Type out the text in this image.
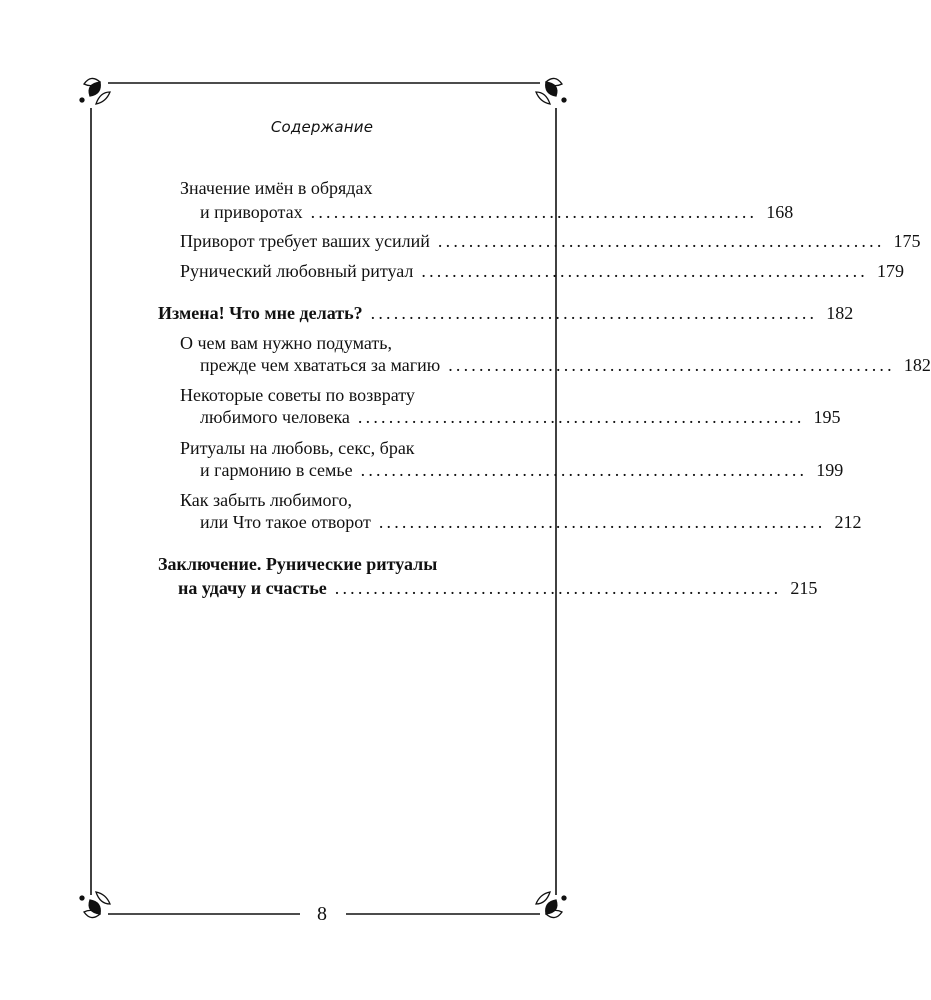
Содержание
Значение имён в обрядах
и приворотах .......................................................... 168
Приворот требует ваших усилий .......................................................... 175
Рунический любовный ритуал .......................................................... 179
Измена! Что мне делать? .......................................................... 182
О чем вам нужно подумать,
прежде чем хвататься за магию .......................................................... 182
Некоторые советы по возврату
любимого человека .......................................................... 195
Ритуалы на любовь, секс, брак
и гармонию в семье .......................................................... 199
Как забыть любимого,
или Что такое отворот .......................................................... 212
Заключение. Рунические ритуалы
на удачу и счастье .......................................................... 215
8
